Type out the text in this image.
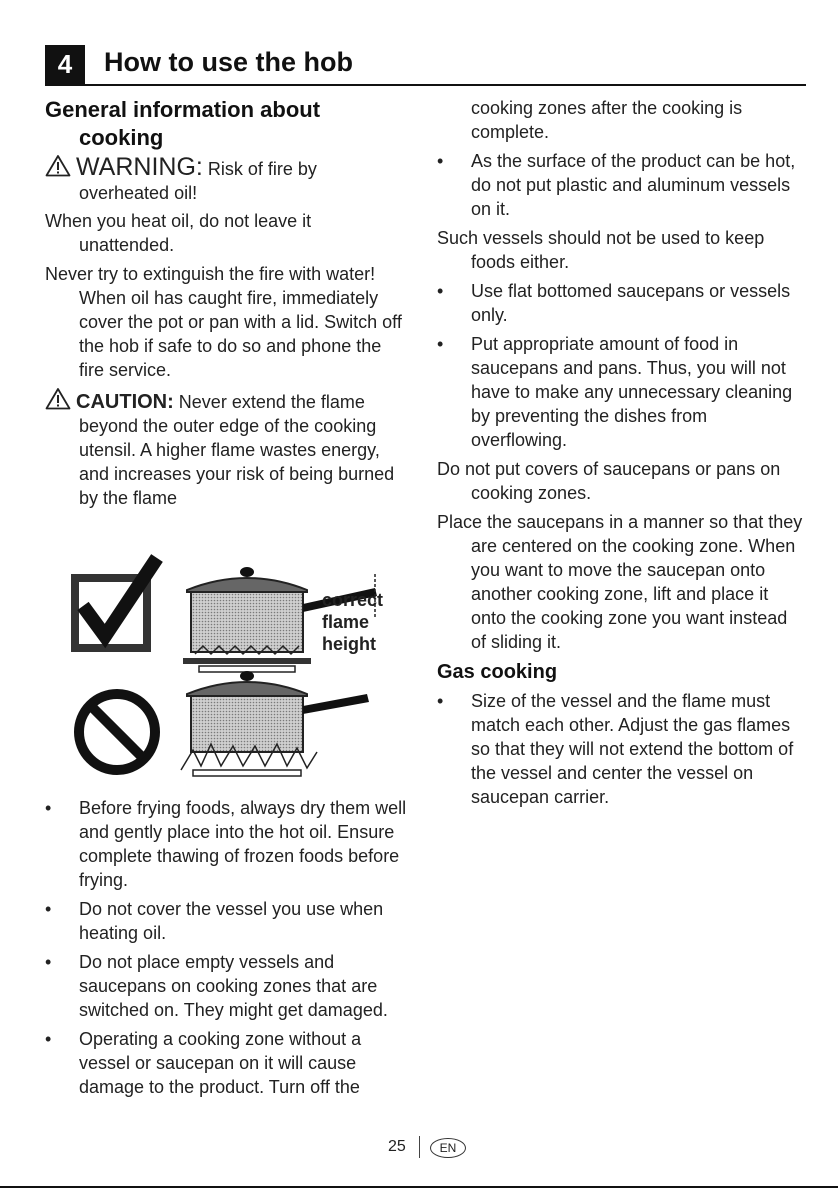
4	How to use the hob
General information about cooking
WARNING: Risk of fire by overheated oil!
When you heat oil, do not leave it unattended.
Never try to extinguish the fire with water! When oil has caught fire, immediately cover the pot or pan with a lid. Switch off the hob if safe to do so and phone the fire service.
CAUTION: Never extend the flame beyond the outer edge of the cooking utensil. A higher flame wastes energy, and increases your risk of being burned by the flame
correct
flame
height
• Before frying foods, always dry them well and gently place into the hot oil. Ensure complete thawing of frozen foods before frying.
• Do not cover the vessel you use when heating oil.
• Do not place empty vessels and saucepans on cooking zones that are switched on. They might get damaged.
• Operating a cooking zone without a vessel or saucepan on it will cause damage to the product. Turn off the
cooking zones after the cooking is complete.
• As the surface of the product can be hot, do not put plastic and aluminum vessels on it.
Such vessels should not be used to keep foods either.
• Use flat bottomed saucepans or vessels only.
• Put appropriate amount of food in saucepans and pans. Thus, you will not have to make any unnecessary cleaning by preventing the dishes from overflowing.
Do not put covers of saucepans or pans on cooking zones.
Place the saucepans in a manner so that they are centered on the cooking zone. When you want to move the saucepan onto another cooking zone, lift and place it onto the cooking zone you want instead of sliding it.
Gas cooking
• Size of the vessel and the flame must match each other. Adjust the gas flames so that they will not extend the bottom of the vessel and center the vessel on saucepan carrier.
25	EN
